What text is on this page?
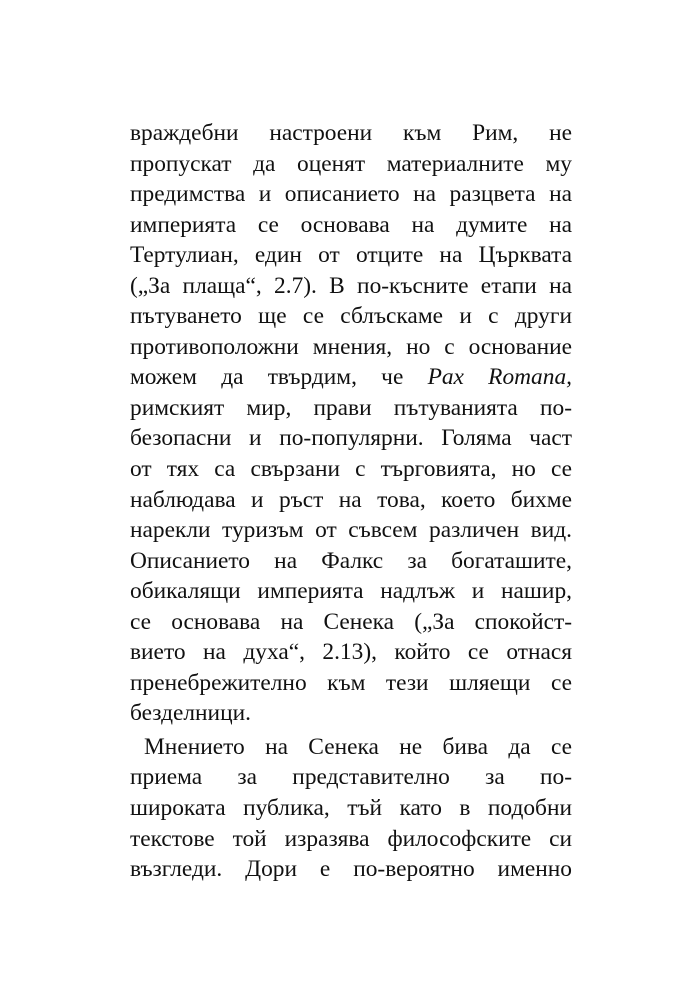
враждебни настроени към Рим, не
пропускат да оценят материалните му
предимства и описанието на разцвета на
империята се основава на думите на
Тертулиан, един от отците на Църквата
(„За плаща“, 2.7). В по-късните етапи на
пътуването ще се сблъскаме и с други
противоположни мнения, но с основание
можем да твърдим, че Pax Romana,
римският мир, прави пътуванията по-
безопасни и по-популярни. Голяма част
от тях са свързани с търговията, но се
наблюдава и ръст на това, което бихме
нарекли туризъм от съвсем различен вид.
Описанието на Фалкс за богаташите,
обикалящи империята надлъж и нашир,
се основава на Сенека („За спокойст-
вието на духа“, 2.13), който се отнася
пренебрежително към тези шляещи се
безделници.
Мнението на Сенека не бива да се
приема за представително за по-
широката публика, тъй като в подобни
текстове той изразява философските си
възгледи. Дори е по-вероятно именно
